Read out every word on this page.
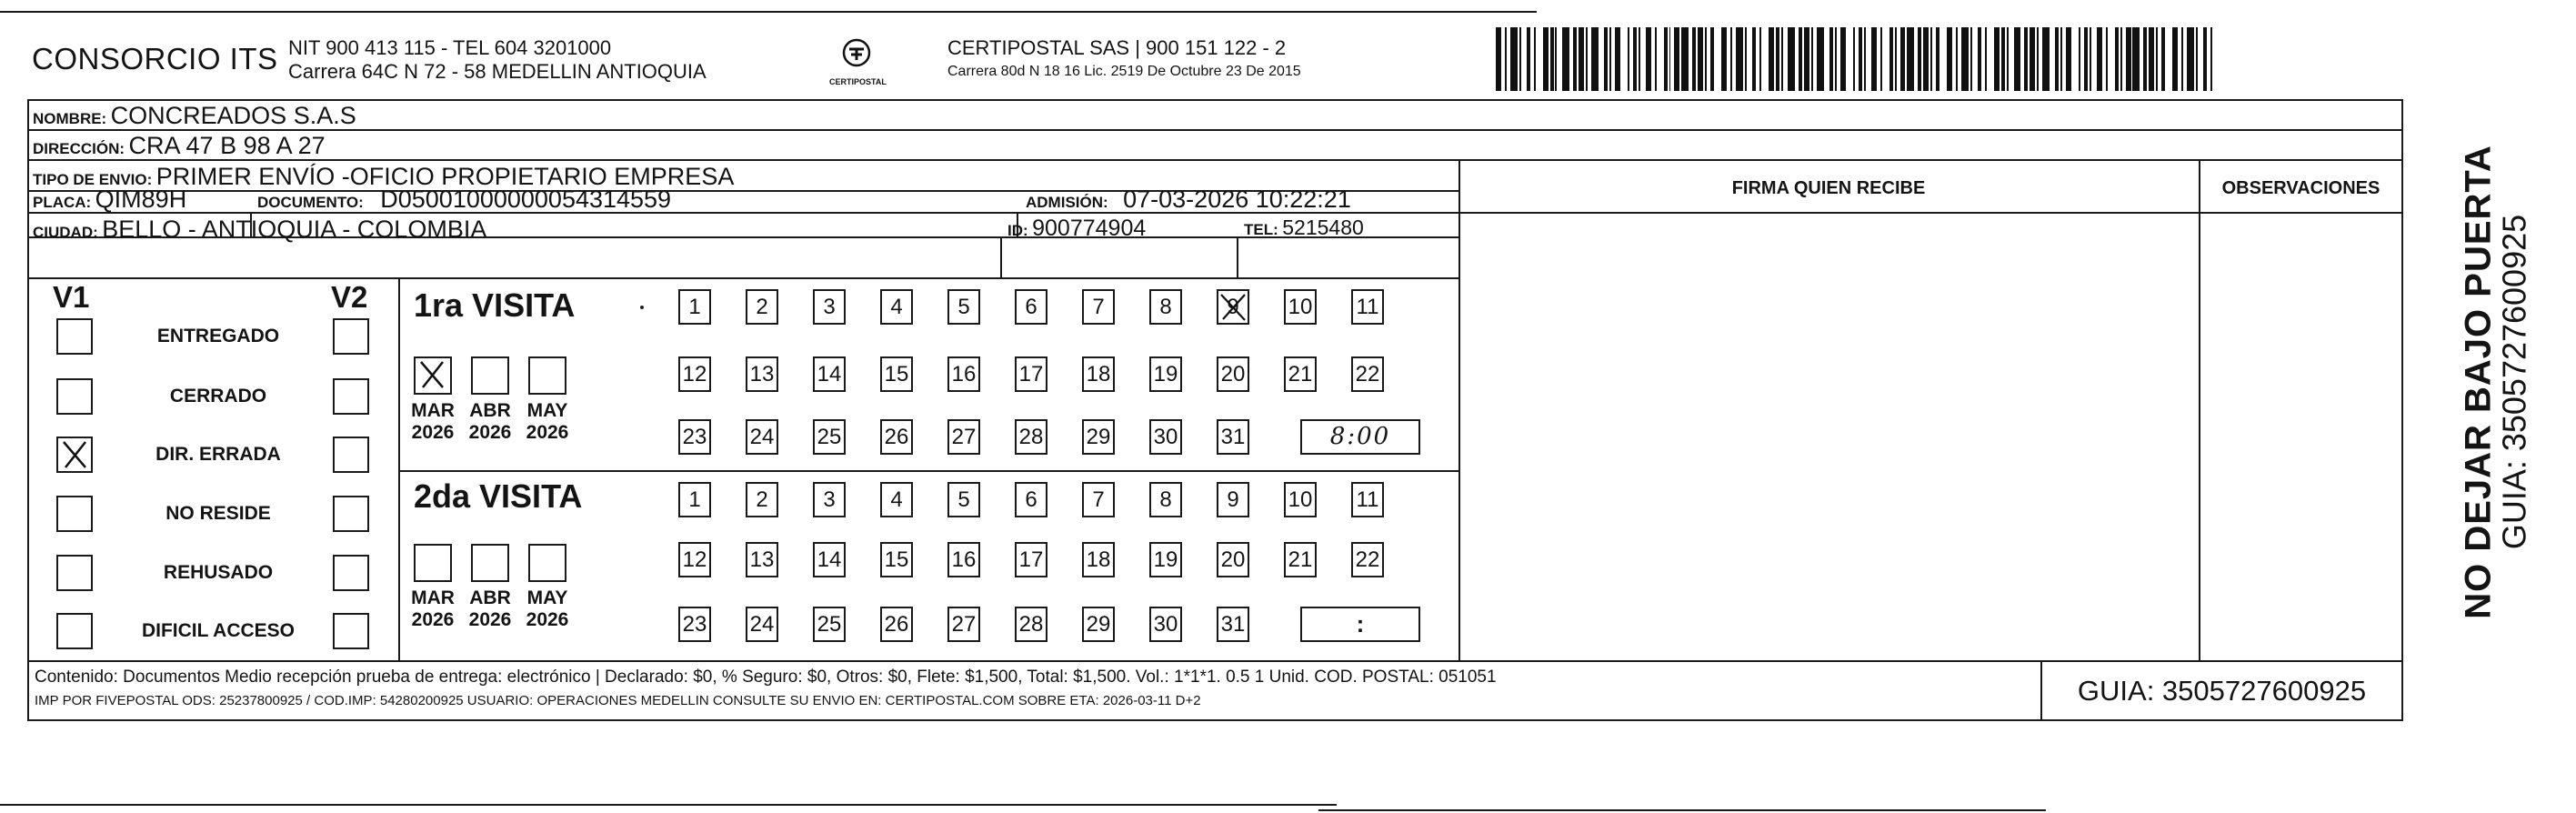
CONSORCIO ITS NIT 900 413 115 - TEL 604 3201000
Carrera 64C N 72 - 58 MEDELLIN ANTIOQUIA	CERTIPOSTAL
CERTIPOSTAL SAS | 900 151 122 - 2
Carrera 80d N 18 16 Lic. 2519 De Octubre 23 De 2015
NOMBRE: CONCREADOS S.A.S
DIRECCIÓN: CRA 47 B 98 A 27
TIPO DE ENVIO: PRIMER ENVÍO -OFICIO PROPIETARIO EMPRESA
PLACA: QIM89H	DOCUMENTO: D05001000000054314559	ADMISIÓN: 07-03-2026 10:22:21
CIUDAD: BELLO - ANTIOQUIA - COLOMBIA	ID: 900774904	TEL: 5215480
FIRMA QUIEN RECIBE	OBSERVACIONES
V1	V2
ENTREGADO
CERRADO
DIR. ERRADA
NO RESIDE
REHUSADO
DIFICIL ACCESO
1ra VISITA
2da VISITA
MAR
2026
ABR
2026
MAY
2026
1	2	3	4	5	6	7	8	9	10 11
12 13 14 15 16 17 18 19 20 21 22
23 24 25 26 27 28 29 30 31	8:00
MAR
2026
ABR
2026
MAY
2026
1	2	3	4	5	6	7	8	9	10 11
12 13 14 15 16 17 18 19 20 21 22
23 24 25 26 27 28 29 30 31	:
Contenido: Documentos Medio recepción prueba de entrega: electrónico | Declarado: $0, % Seguro: $0, Otros: $0, Flete: $1,500, Total: $1,500. Vol.: 1*1*1. 0.5 1 Unid. COD. POSTAL: 051051
IMP POR FIVEPOSTAL ODS: 25237800925 / COD.IMP: 54280200925 USUARIO: OPERACIONES MEDELLIN CONSULTE SU ENVIO EN: CERTIPOSTAL.COM SOBRE ETA: 2026-03-11 D+2	GUIA: 3505727600925
NO DEJAR BAJO PUERTA
GUIA: 3505727600925
